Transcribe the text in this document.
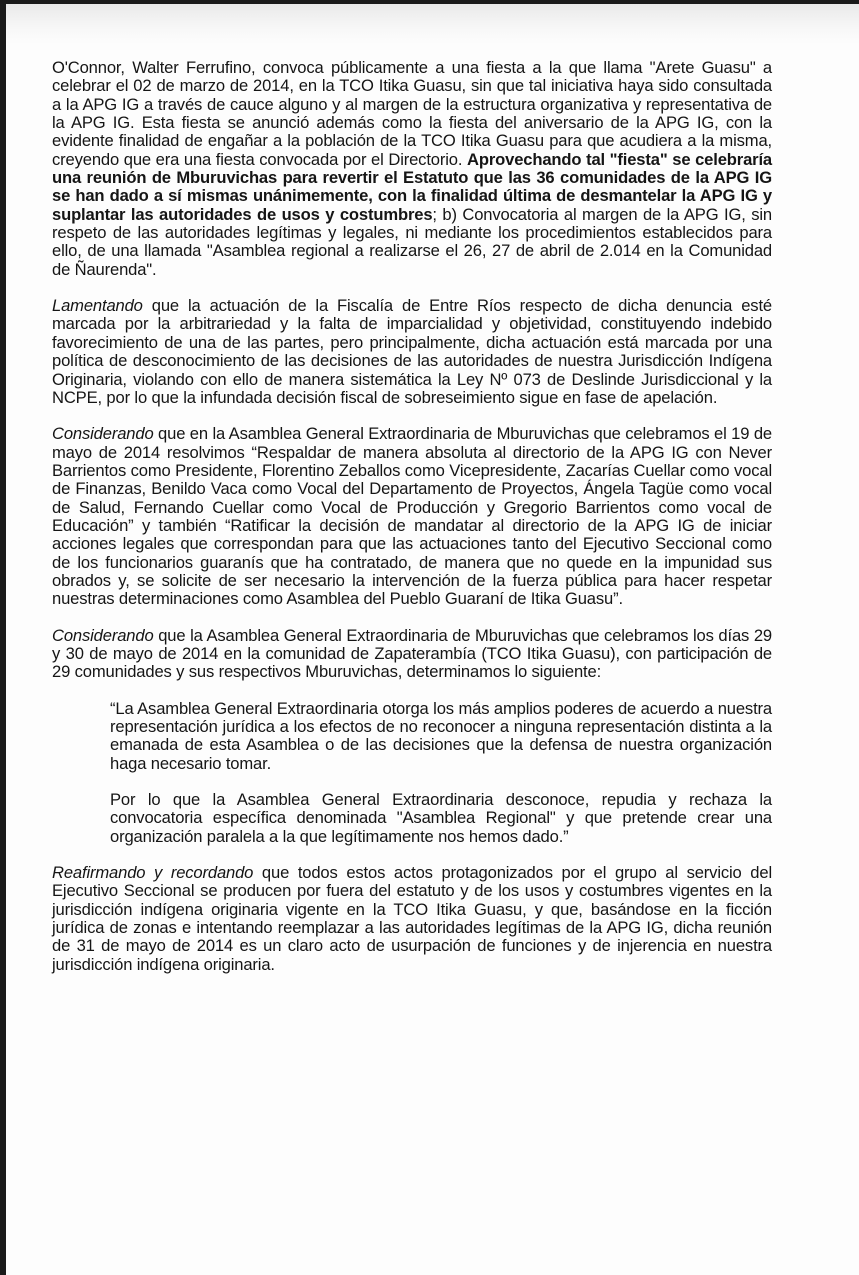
O'Connor, Walter Ferrufino, convoca públicamente a una fiesta a la que llama "Arete Guasu" a celebrar el 02 de marzo de 2014, en la TCO Itika Guasu, sin que tal iniciativa haya sido consultada a la APG IG a través de cauce alguno y al margen de la estructura organizativa y representativa de la APG IG. Esta fiesta se anunció además como la fiesta del aniversario de la APG IG, con la evidente finalidad de engañar a la población de la TCO Itika Guasu para que acudiera a la misma, creyendo que era una fiesta convocada por el Directorio. Aprovechando tal "fiesta" se celebraría una reunión de Mburuvichas para revertir el Estatuto que las 36 comunidades de la APG IG se han dado a sí mismas unánimemente, con la finalidad última de desmantelar la APG IG y suplantar las autoridades de usos y costumbres; b) Convocatoria al margen de la APG IG, sin respeto de las autoridades legítimas y legales, ni mediante los procedimientos establecidos para ello, de una llamada "Asamblea regional a realizarse el 26, 27 de abril de 2.014 en la Comunidad de Ñaurenda".

Lamentando que la actuación de la Fiscalía de Entre Ríos respecto de dicha denuncia esté marcada por la arbitrariedad y la falta de imparcialidad y objetividad, constituyendo indebido favorecimiento de una de las partes, pero principalmente, dicha actuación está marcada por una política de desconocimiento de las decisiones de las autoridades de nuestra Jurisdicción Indígena Originaria, violando con ello de manera sistemática la Ley Nº 073 de Deslinde Jurisdiccional y la NCPE, por lo que la infundada decisión fiscal de sobreseimiento sigue en fase de apelación.

Considerando que en la Asamblea General Extraordinaria de Mburuvichas que celebramos el 19 de mayo de 2014 resolvimos “Respaldar de manera absoluta al directorio de la APG IG con Never Barrientos como Presidente, Florentino Zeballos como Vicepresidente, Zacarías Cuellar como vocal de Finanzas, Benildo Vaca como Vocal del Departamento de Proyectos, Ángela Tagüe como vocal de Salud, Fernando Cuellar como Vocal de Producción y Gregorio Barrientos como vocal de Educación” y también “Ratificar la decisión de mandatar al directorio de la APG IG de iniciar acciones legales que correspondan para que las actuaciones tanto del Ejecutivo Seccional como de los funcionarios guaranís que ha contratado, de manera que no quede en la impunidad sus obrados y, se solicite de ser necesario la intervención de la fuerza pública para hacer respetar nuestras determinaciones como Asamblea del Pueblo Guaraní de Itika Guasu”.

Considerando que la Asamblea General Extraordinaria de Mburuvichas que celebramos los días 29 y 30 de mayo de 2014 en la comunidad de Zapaterambía (TCO Itika Guasu), con participación de 29 comunidades y sus respectivos Mburuvichas, determinamos lo siguiente:

“La Asamblea General Extraordinaria otorga los más amplios poderes de acuerdo a nuestra representación jurídica a los efectos de no reconocer a ninguna representación distinta a la emanada de esta Asamblea o de las decisiones que la defensa de nuestra organización haga necesario tomar.

Por lo que la Asamblea General Extraordinaria desconoce, repudia y rechaza la convocatoria específica denominada "Asamblea Regional" y que pretende crear una organización paralela a la que legítimamente nos hemos dado.”

Reafirmando y recordando que todos estos actos protagonizados por el grupo al servicio del Ejecutivo Seccional se producen por fuera del estatuto y de los usos y costumbres vigentes en la jurisdicción indígena originaria vigente en la TCO Itika Guasu, y que, basándose en la ficción jurídica de zonas e intentando reemplazar a las autoridades legítimas de la APG IG, dicha reunión de 31 de mayo de 2014 es un claro acto de usurpación de funciones y de injerencia en nuestra jurisdicción indígena originaria.
